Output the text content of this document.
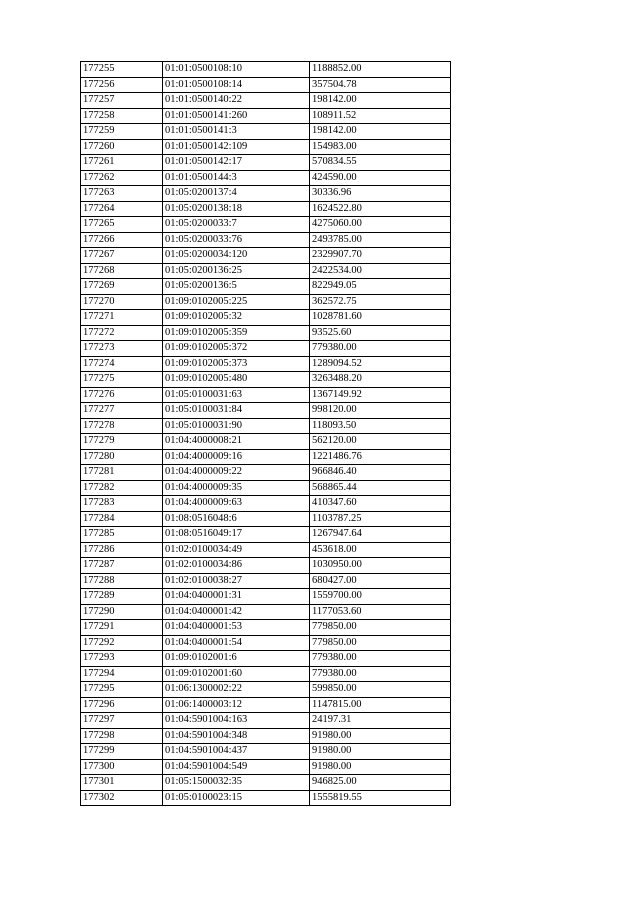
177255	01:01:0500108:10	1188852.00
177256	01:01:0500108:14	357504.78
177257	01:01:0500140:22	198142.00
177258	01:01:0500141:260	108911.52
177259	01:01:0500141:3	198142.00
177260	01:01:0500142:109	154983.00
177261	01:01:0500142:17	570834.55
177262	01:01:0500144:3	424590.00
177263	01:05:0200137:4	30336.96
177264	01:05:0200138:18	1624522.80
177265	01:05:0200033:7	4275060.00
177266	01:05:0200033:76	2493785.00
177267	01:05:0200034:120	2329907.70
177268	01:05:0200136:25	2422534.00
177269	01:05:0200136:5	822949.05
177270	01:09:0102005:225	362572.75
177271	01:09:0102005:32	1028781.60
177272	01:09:0102005:359	93525.60
177273	01:09:0102005:372	779380.00
177274	01:09:0102005:373	1289094.52
177275	01:09:0102005:480	3263488.20
177276	01:05:0100031:63	1367149.92
177277	01:05:0100031:84	998120.00
177278	01:05:0100031:90	118093.50
177279	01:04:4000008:21	562120.00
177280	01:04:4000009:16	1221486.76
177281	01:04:4000009:22	966846.40
177282	01:04:4000009:35	568865.44
177283	01:04:4000009:63	410347.60
177284	01:08:0516048:6	1103787.25
177285	01:08:0516049:17	1267947.64
177286	01:02:0100034:49	453618.00
177287	01:02:0100034:86	1030950.00
177288	01:02:0100038:27	680427.00
177289	01:04:0400001:31	1559700.00
177290	01:04:0400001:42	1177053.60
177291	01:04:0400001:53	779850.00
177292	01:04:0400001:54	779850.00
177293	01:09:0102001:6	779380.00
177294	01:09:0102001:60	779380.00
177295	01:06:1300002:22	599850.00
177296	01:06:1400003:12	1147815.00
177297	01:04:5901004:163	24197.31
177298	01:04:5901004:348	91980.00
177299	01:04:5901004:437	91980.00
177300	01:04:5901004:549	91980.00
177301	01:05:1500032:35	946825.00
177302	01:05:0100023:15	1555819.55
